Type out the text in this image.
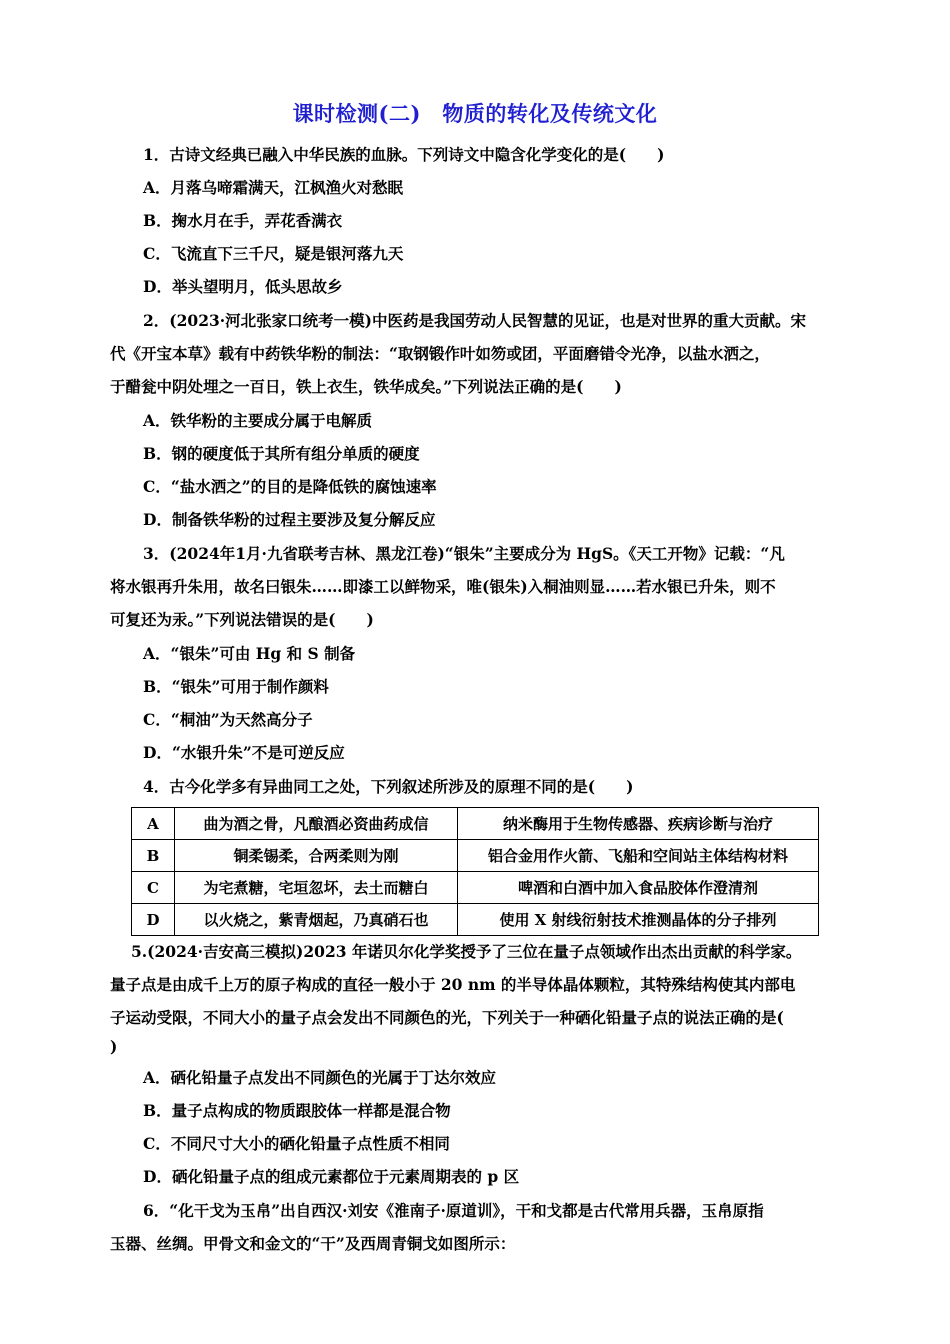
课时检测(二)　物质的转化及传统文化
1．古诗文经典已融入中华民族的血脉。下列诗文中隐含化学变化的是(　　)
A．月落乌啼霜满天，江枫渔火对愁眠
B．掬水月在手，弄花香满衣
C．飞流直下三千尺，疑是银河落九天
D．举头望明月，低头思故乡
2．(2023·河北张家口统考一模)中医药是我国劳动人民智慧的见证，也是对世界的重大贡献。宋
代《开宝本草》载有中药铁华粉的制法：“取钢锻作叶如笏或团，平面磨错令光净，以盐水洒之，
于醋瓮中阴处埋之一百日，铁上衣生，铁华成矣。”下列说法正确的是(　　)
A．铁华粉的主要成分属于电解质
B．钢的硬度低于其所有组分单质的硬度
C．“盐水洒之”的目的是降低铁的腐蚀速率
D．制备铁华粉的过程主要涉及复分解反应
3．(2024年1月·九省联考吉林、黑龙江卷)“银朱”主要成分为 HgS。《天工开物》记载：“凡
将水银再升朱用，故名曰银朱……即漆工以鲜物采，唯(银朱)入桐油则显……若水银已升朱，则不
可复还为汞。”下列说法错误的是(　　)
A．“银朱”可由 Hg 和 S 制备
B．“银朱”可用于制作颜料
C．“桐油”为天然高分子
D．“水银升朱”不是可逆反应
4．古今化学多有异曲同工之处，下列叙述所涉及的原理不同的是(　　)
A	曲为酒之骨，凡酿酒必资曲药成信	纳米酶用于生物传感器、疾病诊断与治疗
B	铜柔锡柔，合两柔则为刚	铝合金用作火箭、飞船和空间站主体结构材料
C	为宅煮糖，宅垣忽坏，去土而糖白	啤酒和白酒中加入食品胶体作澄清剂
D	以火烧之，紫青烟起，乃真硝石也	使用 X 射线衍射技术推测晶体的分子排列
5.(2024·吉安高三模拟)2023 年诺贝尔化学奖授予了三位在量子点领域作出杰出贡献的科学家。
量子点是由成千上万的原子构成的直径一般小于 20 nm 的半导体晶体颗粒，其特殊结构使其内部电
子运动受限，不同大小的量子点会发出不同颜色的光，下列关于一种硒化铅量子点的说法正确的是(
)
A．硒化铅量子点发出不同颜色的光属于丁达尔效应
B．量子点构成的物质跟胶体一样都是混合物
C．不同尺寸大小的硒化铅量子点性质不相同
D．硒化铅量子点的组成元素都位于元素周期表的 p 区
6．“化干戈为玉帛”出自西汉·刘安《淮南子·原道训》，干和戈都是古代常用兵器，玉帛原指
玉器、丝绸。甲骨文和金文的“干”及西周青铜戈如图所示：
